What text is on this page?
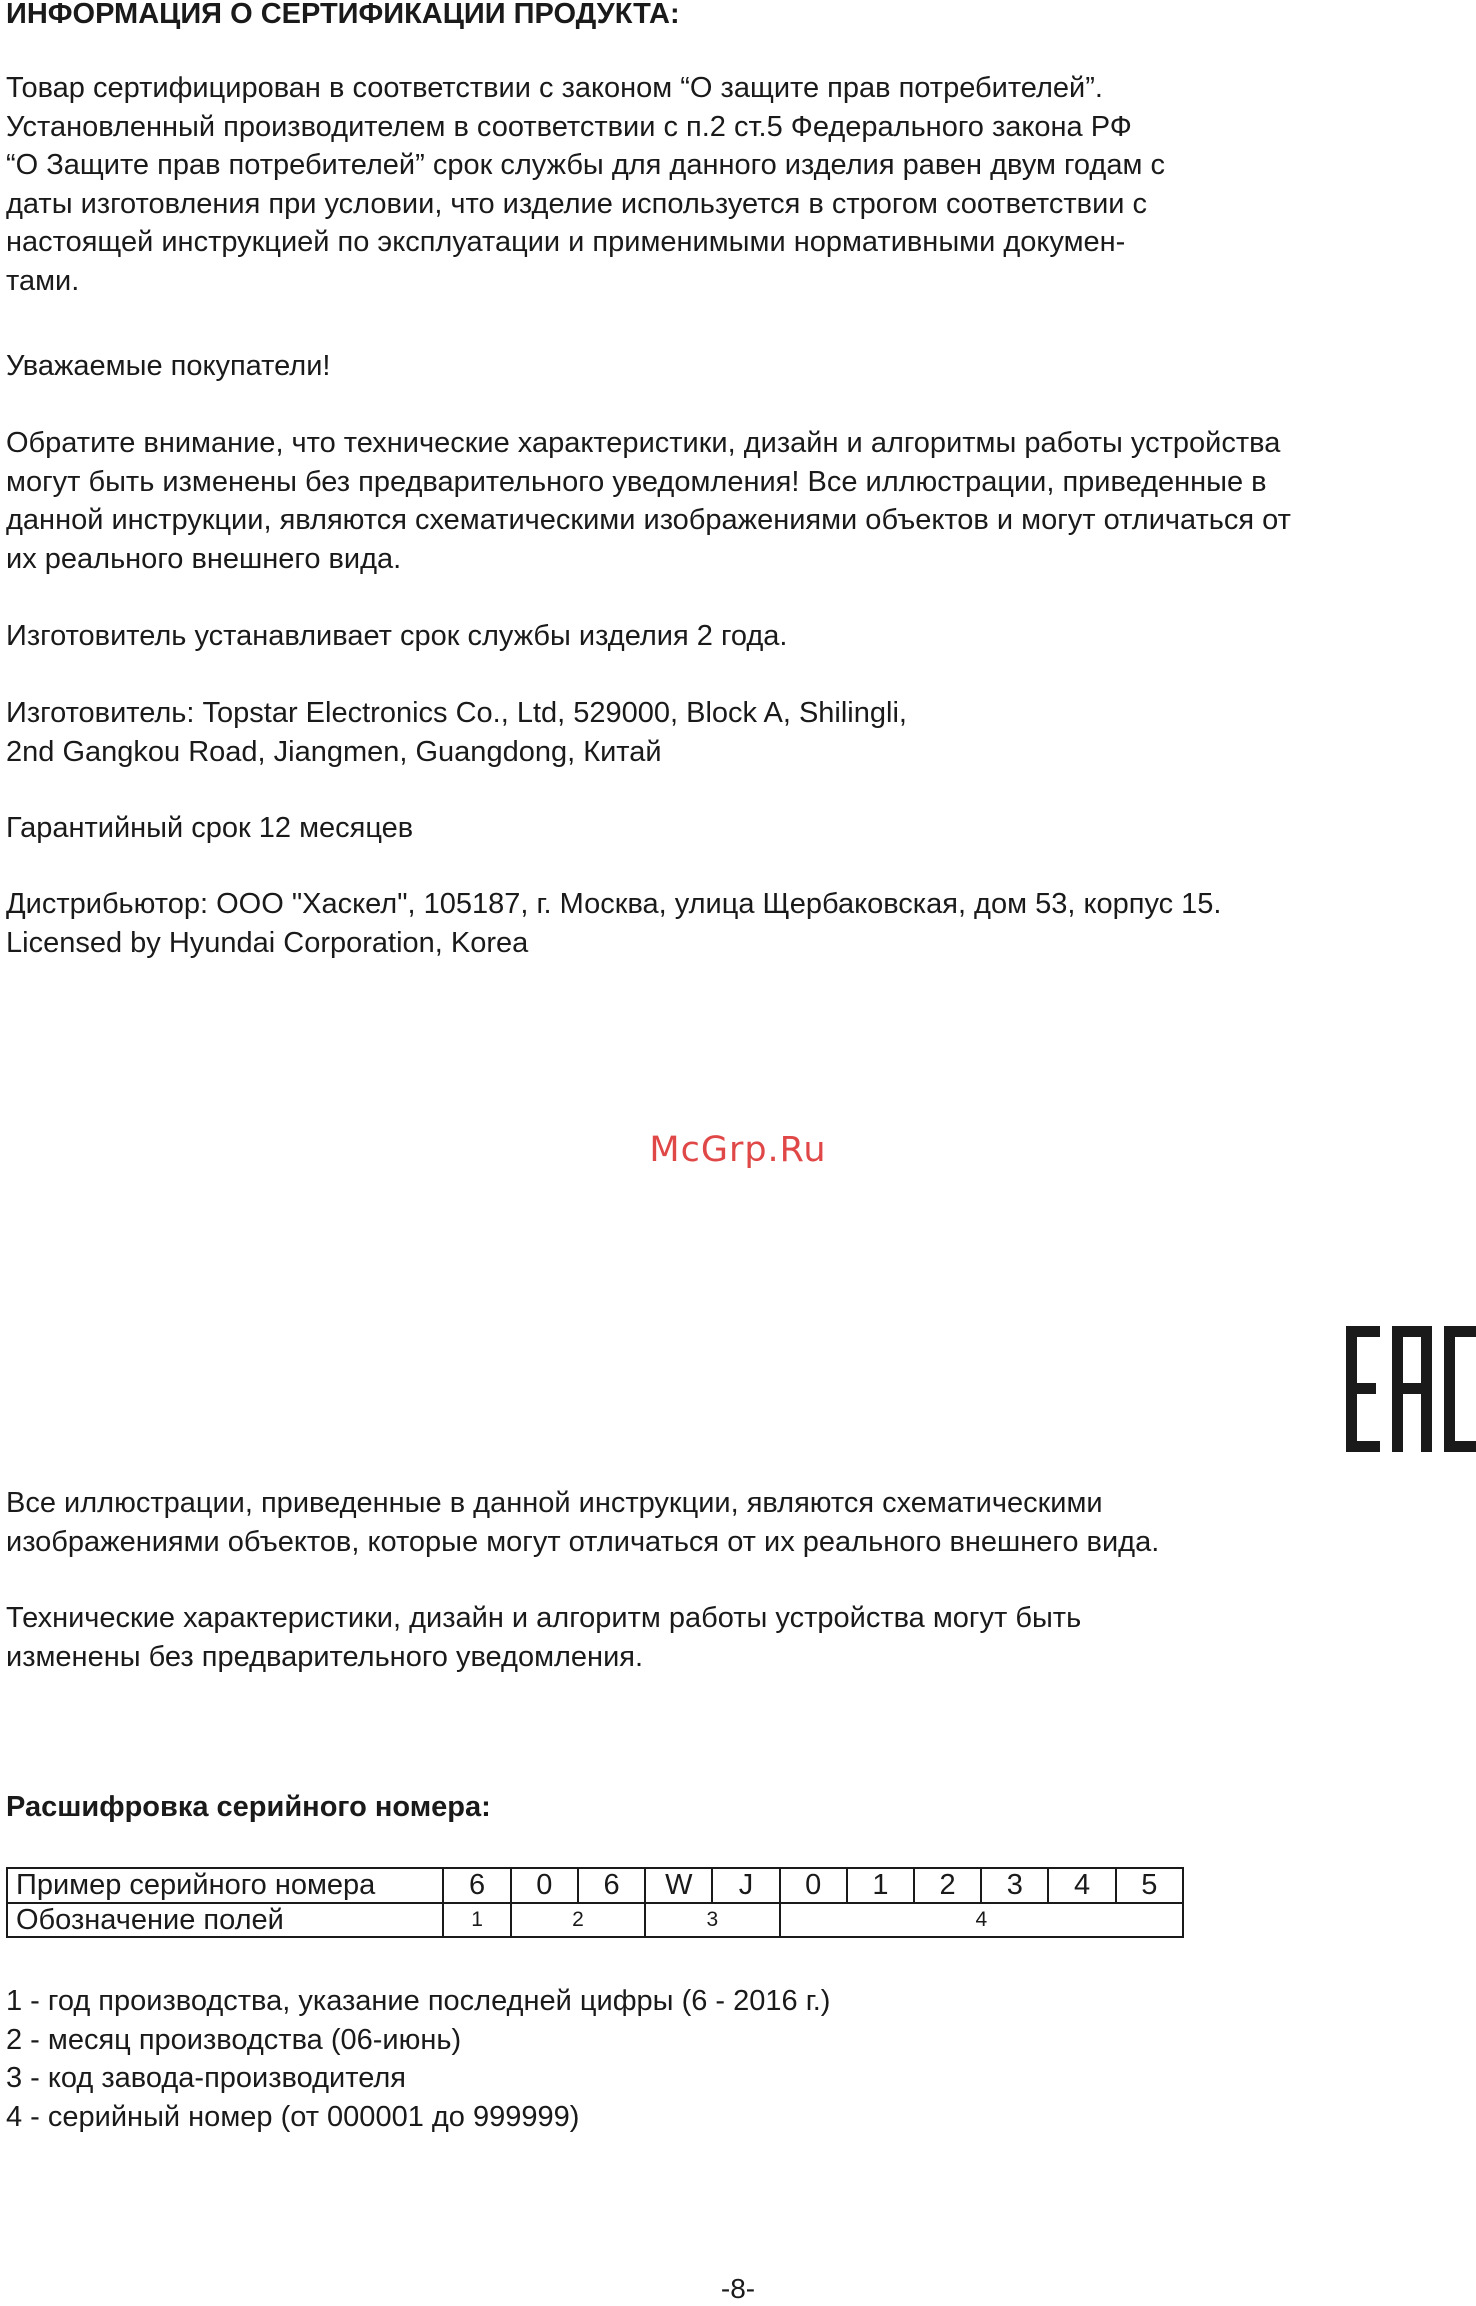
ИНФОРМАЦИЯ О СЕРТИФИКАЦИИ ПРОДУКТА:
Товар сертифицирован в соответствии с законом “О защите прав потребителей”.
Установленный производителем в соответствии с п.2 ст.5 Федерального закона РФ
“О Защите прав потребителей” срок службы для данного изделия равен двум годам с
даты изготовления при условии, что изделие используется в строгом соответствии с
настоящей инструкцией по эксплуатации и применимыми нормативными докумен-
тами.
Уважаемые покупатели!
Обратите внимание, что технические характеристики, дизайн и алгоритмы работы устройства
могут быть изменены без предварительного уведомления! Все иллюстрации, приведенные в
данной инструкции, являются схематическими изображениями объектов и могут отличаться от
их реального внешнего вида.
Изготовитель устанавливает срок службы изделия 2 года.
Изготовитель: Topstar Electronics Co., Ltd, 529000, Block A, Shilingli,
2nd Gangkou Road, Jiangmen, Guangdong, Китай
Гарантийный срок 12 месяцев
Дистрибьютор: ООО "Хаскел", 105187, г. Москва, улица Щербаковская, дом 53, корпус 15.
Licensed by Hyundai Corporation, Korea
McGrp.Ru
Все иллюстрации, приведенные в данной инструкции, являются схематическими
изображениями объектов, которые могут отличаться от их реального внешнего вида.
Технические характеристики, дизайн и алгоритм работы устройства могут быть
изменены без предварительного уведомления.
Расшифровка серийного номера:
Пример серийного номера	6	0	6	W	J	0	1	2	3	4	5
Обозначение полей	1	2		3		4					
1 - год производства, указание последней цифры (6 - 2016 г.)
2 - месяц производства (06-июнь)
3 - код завода-производителя
4 - серийный номер (от 000001 до 999999)
-8-
